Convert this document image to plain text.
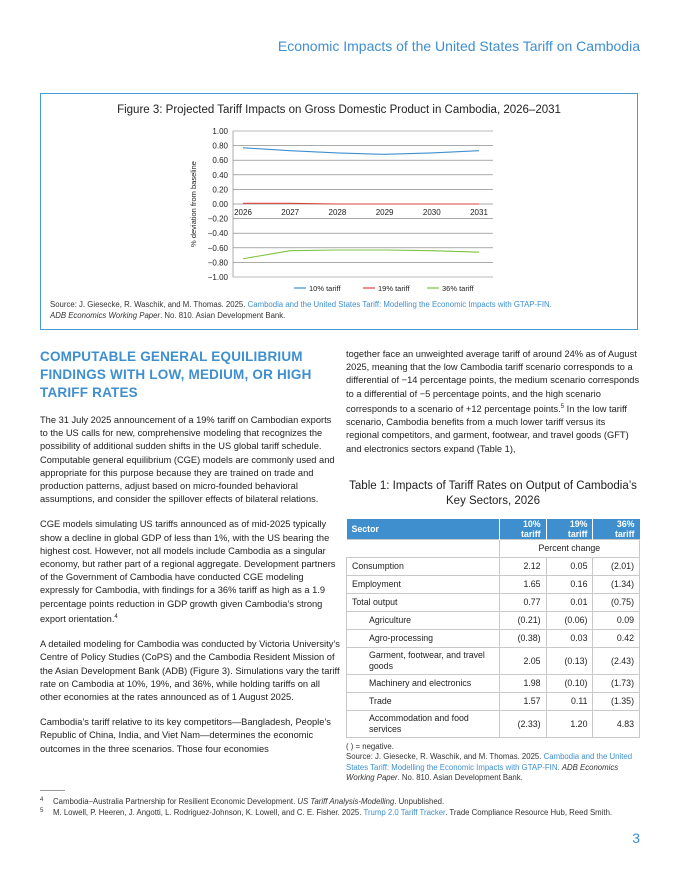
Economic Impacts of the United States Tariff on Cambodia
Figure 3: Projected Tariff Impacts on Gross Domestic Product in Cambodia, 2026–2031
1.00
0.80
0.60
0.40
0.20
0.00
−0.20
−0.40
−0.60
−0.80
−1.00
% deviation from baseline	2026	2027	2028	2029	2030	2031
10% tariff	19% tariff	36% tariff
Source: J. Giesecke, R. Waschik, and M. Thomas. 2025. Cambodia and the United States Tariff: Modelling the Economic Impacts with GTAP-FIN.
ADB Economics Working Paper. No. 810. Asian Development Bank.
COMPUTABLE GENERAL EQUILIBRIUM FINDINGS WITH LOW, MEDIUM, OR HIGH TARIFF RATES

The 31 July 2025 announcement of a 19% tariff on Cambodian exports to the US calls for new, comprehensive modeling that recognizes the possibility of additional sudden shifts in the US global tariff schedule. Computable general equilibrium (CGE) models are commonly used and appropriate for this purpose because they are trained on trade and production patterns, adjust based on micro-founded behavioral assumptions, and consider the spillover effects of bilateral relations.

CGE models simulating US tariffs announced as of mid-2025 typically show a decline in global GDP of less than 1%, with the US bearing the highest cost. However, not all models include Cambodia as a singular economy, but rather part of a regional aggregate. Development partners of the Government of Cambodia have conducted CGE modeling expressly for Cambodia, with findings for a 36% tariff as high as a 1.9 percentage points reduction in GDP growth given Cambodia’s strong export orientation.$^4$

A detailed modeling for Cambodia was conducted by Victoria University’s Centre of Policy Studies (CoPS) and the Cambodia Resident Mission of the Asian Development Bank (ADB) (Figure 3). Simulations vary the tariff rate on Cambodia at 10%, 19%, and 36%, while holding tariffs on all other economies at the rates announced as of 1 August 2025.

Cambodia’s tariff relative to its key competitors—Bangladesh, People’s Republic of China, India, and Viet Nam—determines the economic outcomes in the three scenarios. Those four economies

together face an unweighted average tariff of around 24% as of August 2025, meaning that the low Cambodia tariff scenario corresponds to a differential of −14 percentage points, the medium scenario corresponds to a differential of −5 percentage points, and the high scenario corresponds to a scenario of +12 percentage points.$^5$ In the low tariff scenario, Cambodia benefits from a much lower tariff versus its regional competitors, and garment, footwear, and travel goods (GFT) and electronics sectors expand (Table 1),

Table 1: Impacts of Tariff Rates on Output of Cambodia’s Key Sectors, 2026
Sector	10% tariff	19% tariff	36% tariff
	Percent change		
Consumption	2.12	0.05	(2.01)
Employment	1.65	0.16	(1.34)
Total output	0.77	0.01	(0.75)
Agriculture	(0.21)	(0.06)	0.09
Agro-processing	(0.38)	0.03	0.42
Garment, footwear, and travel goods	2.05	(0.13)	(2.43)
Machinery and electronics	1.98	(0.10)	(1.73)
Trade	1.57	0.11	(1.35)
Accommodation and food services	(2.33)	1.20	4.83
( ) = negative.
Source: J. Giesecke, R. Waschik, and M. Thomas. 2025. Cambodia and the United States Tariff: Modelling the Economic Impacts with GTAP-FIN. ADB Economics Working Paper. No. 810. Asian Development Bank.
4 Cambodia–Australia Partnership for Resilient Economic Development. US Tariff Analysis-Modelling. Unpublished.
5 M. Lowell, P. Heeren, J. Angotti, L. Rodriguez-Johnson, K. Lowell, and C. E. Fisher. 2025. Trump 2.0 Tariff Tracker. Trade Compliance Resource Hub, Reed Smith.
3
